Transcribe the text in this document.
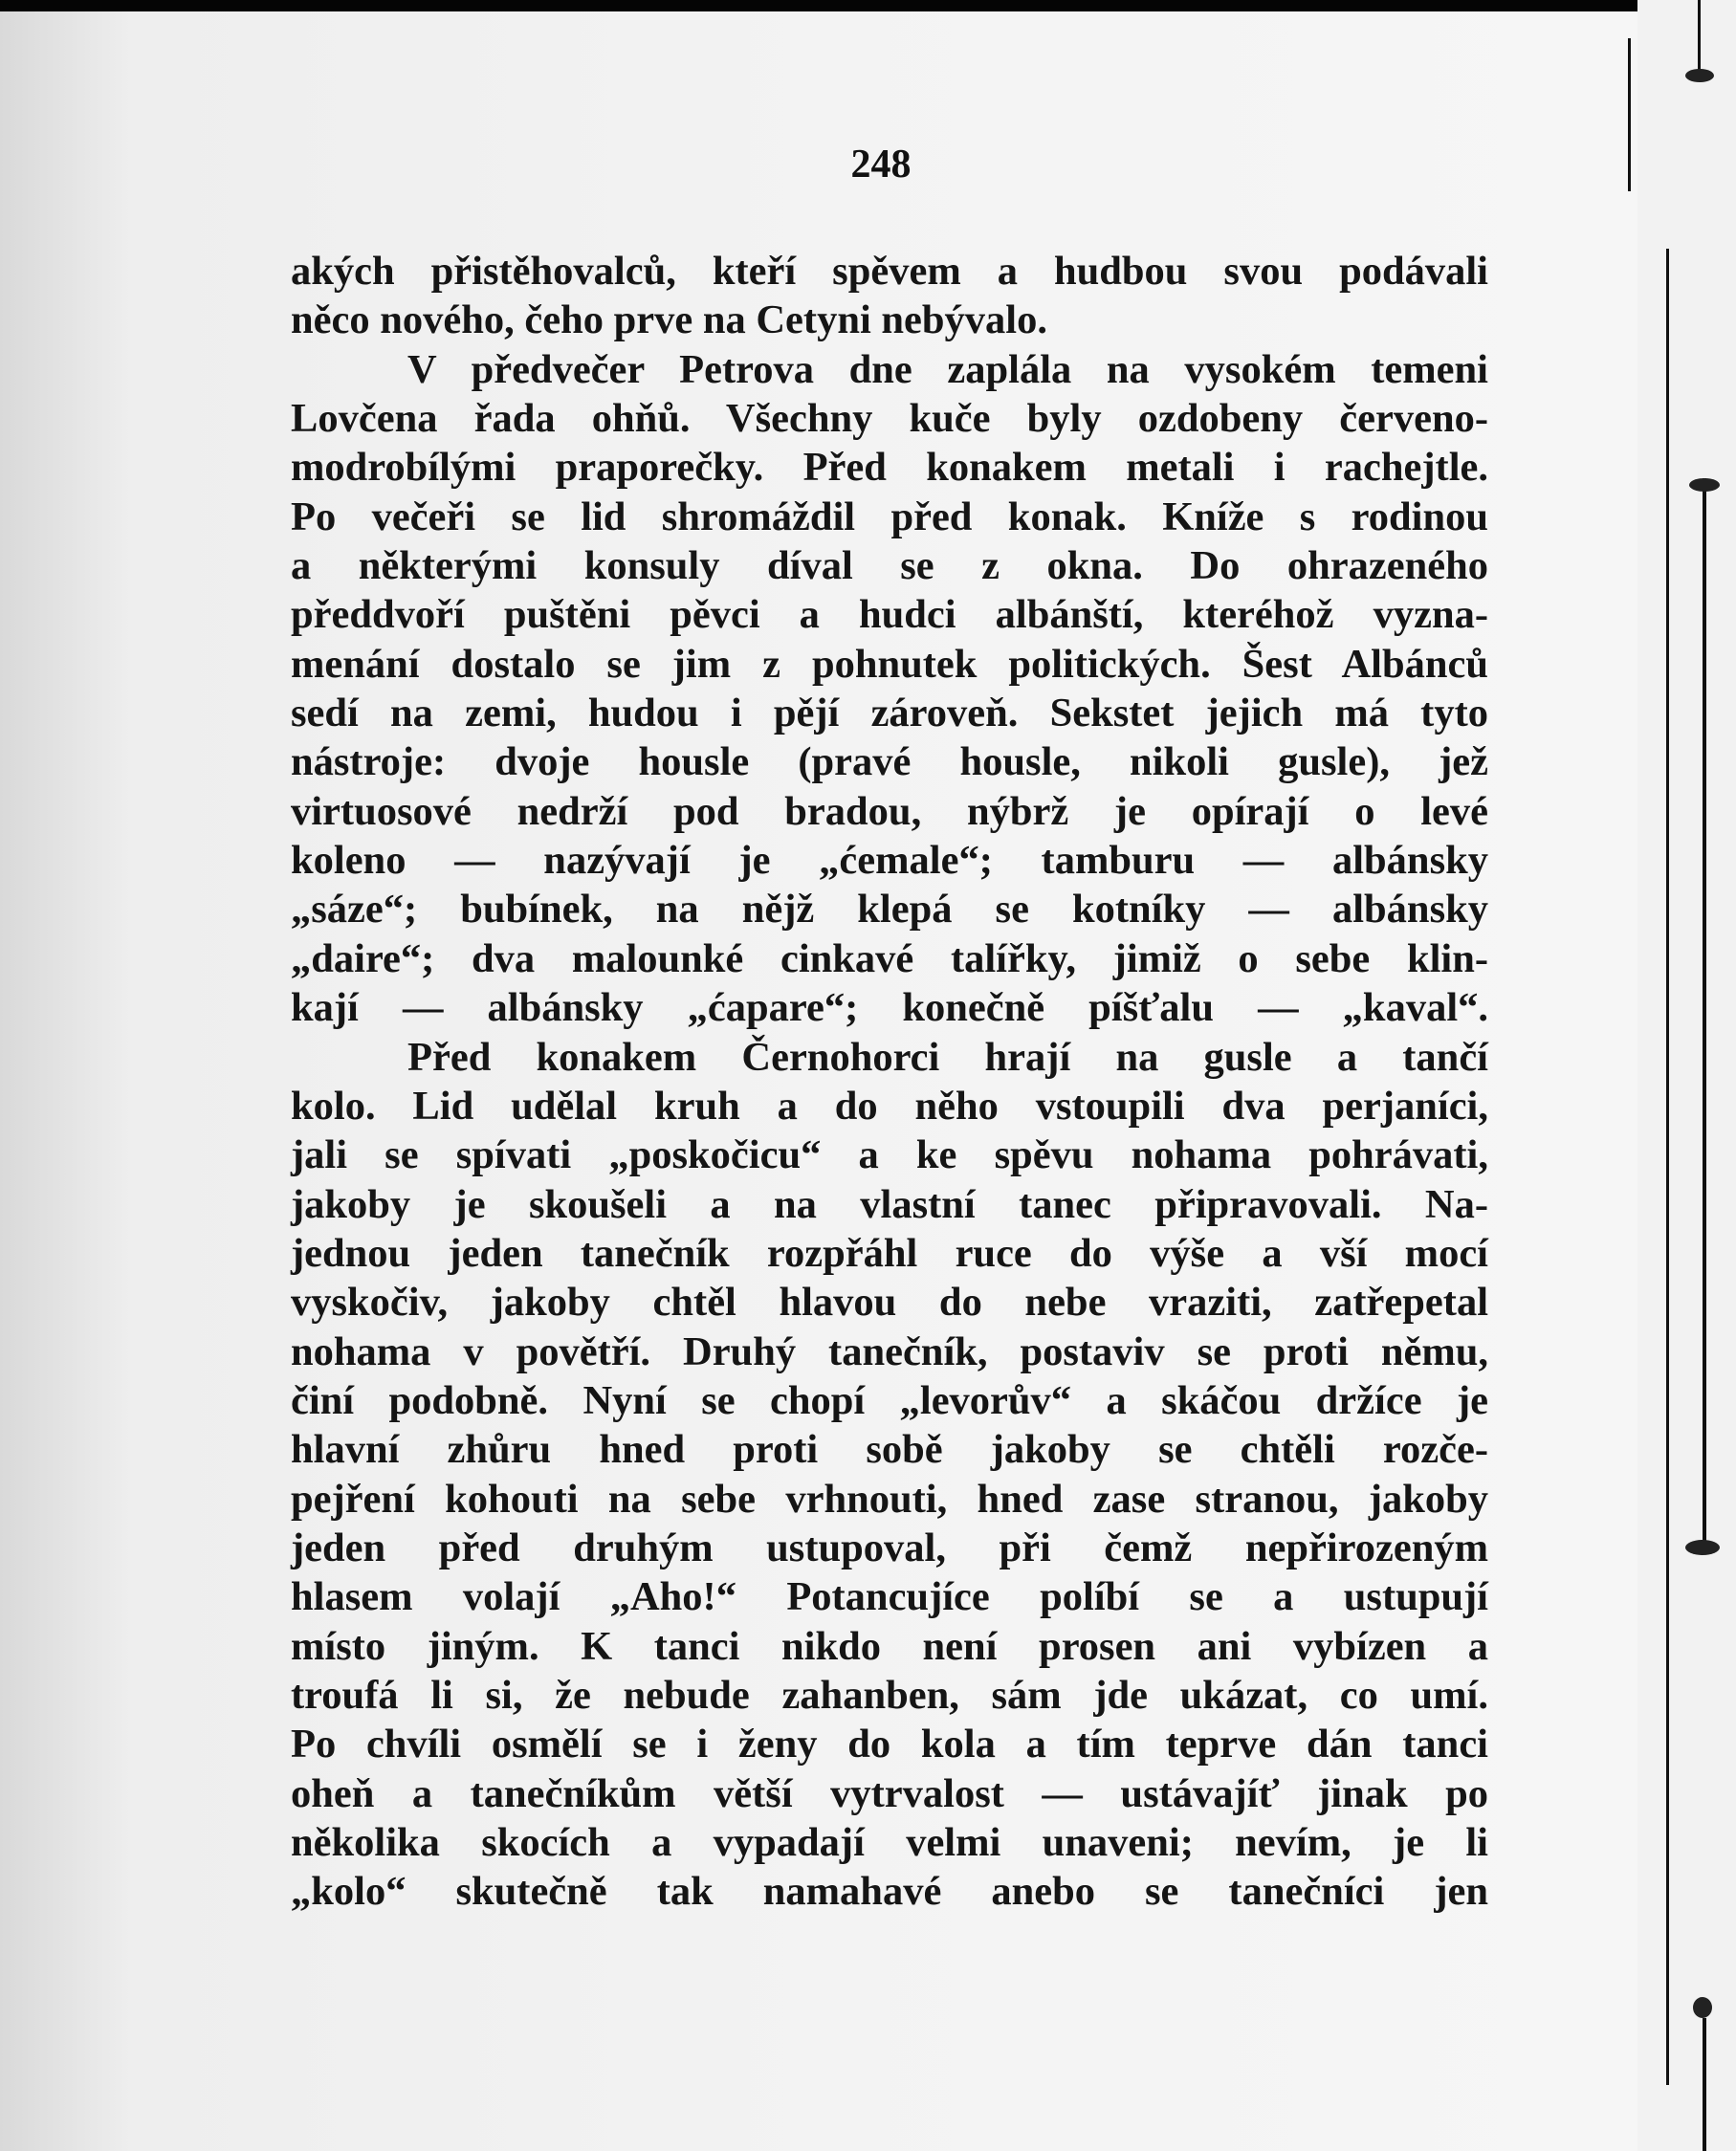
248
akých přistěhovalců, kteří spěvem a hudbou svou podávali
něco nového, čeho prve na Cetyni nebývalo.
V předvečer Petrova dne zaplála na vysokém temeni
Lovčena řada ohňů. Všechny kuče byly ozdobeny červeno-
modrobílými praporečky. Před konakem metali i rachejtle.
Po večeři se lid shromáždil před konak. Kníže s rodinou
a některými konsuly díval se z okna. Do ohrazeného
předdvoří puštěni pěvci a hudci albánští, kteréhož vyzna-
menání dostalo se jim z pohnutek politických. Šest Albánců
sedí na zemi, hudou i pějí zároveň. Sekstet jejich má tyto
nástroje: dvoje housle (pravé housle, nikoli gusle), jež
virtuosové nedrží pod bradou, nýbrž je opírají o levé
koleno — nazývají je „ćemale“; tamburu — albánsky
„sáze“; bubínek, na nějž klepá se kotníky — albánsky
„daire“; dva malounké cinkavé talířky, jimiž o sebe klin-
kají — albánsky „ćapare“; konečně píšťalu — „kaval“.
Před konakem Černohorci hrají na gusle a tančí
kolo. Lid udělal kruh a do něho vstoupili dva perjaníci,
jali se spívati „poskočicu“ a ke spěvu nohama pohrávati,
jakoby je skoušeli a na vlastní tanec připravovali. Na-
jednou jeden tanečník rozpřáhl ruce do výše a vší mocí
vyskočiv, jakoby chtěl hlavou do nebe vraziti, zatřepetal
nohama v povětří. Druhý tanečník, postaviv se proti němu,
činí podobně. Nyní se chopí „levorův“ a skáčou držíce je
hlavní zhůru hned proti sobě jakoby se chtěli rozče-
pejření kohouti na sebe vrhnouti, hned zase stranou, jakoby
jeden před druhým ustupoval, při čemž nepřirozeným
hlasem volají „Aho!“ Potancujíce políbí se a ustupují
místo jiným. K tanci nikdo není prosen ani vybízen a
troufá li si, že nebude zahanben, sám jde ukázat, co umí.
Po chvíli osmělí se i ženy do kola a tím teprve dán tanci
oheň a tanečníkům větší vytrvalost — ustávajíť jinak po
několika skocích a vypadají velmi unaveni; nevím, je li
„kolo“ skutečně tak namahavé anebo se tanečníci jen
